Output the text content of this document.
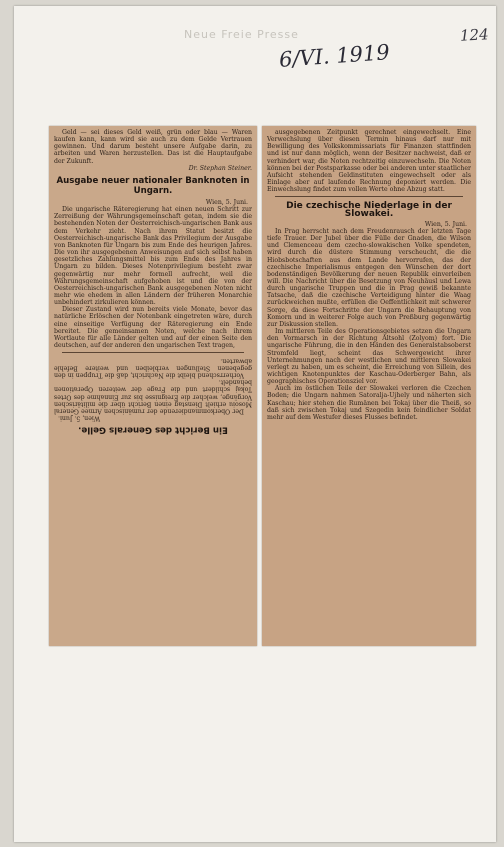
Neue Freie Presse
6/VI. 1919
124

Geld — sei dieses Geld weiß, grün oder blau — Waren kaufen kann, kann wird sie auch zu dem Gelde Vertrauen gewinnen. Und darum besteht unsere Aufgabe darin, zu arbeiten und Waren herzustellen. Das ist die Hauptaufgabe der Zukunft.

Dr. Stephan Steiner.
Ausgabe neuer nationaler Banknoten in Ungarn.
Wien, 5. Juni.

Die ungarische Räteregierung hat einen neuen Schritt zur Zerreißung der Währungsgemeinschaft getan, indem sie die bestehenden Noten der Oesterreichisch-ungarischen Bank aus dem Verkehr zieht. Nach ihrem Statut besitzt die Oesterreichisch-ungarische Bank das Privilegium der Ausgabe von Banknoten für Ungarn bis zum Ende des heurigen Jahres. Die von ihr ausgegebenen Anweisungen auf sich selbst haben gesetzliches Zahlungsmittel bis zum Ende des Jahres in Ungarn zu bilden. Dieses Notenprivilegium besteht zwar gegenwärtig nur mehr formell aufrecht, weil die Währungsgemeinschaft aufgehoben ist und die von der Oesterreichisch-ungarischen Bank ausgegebenen Noten nicht mehr wie ehedem in allen Ländern der früheren Monarchie unbehindert zirkulieren können.

Dieser Zustand wird nun bereits viele Monate, bevor das natürliche Erlöschen der Notenbank eingetreten wäre, durch eine einseitige Verfügung der Räteregierung ein Ende bereitet. Die gemeinsamen Noten, welche nach ihrem Wortlaute für alle Länder gelten und auf der einen Seite den deutschen, auf der anderen den ungarischen Text tragen,

Ein Bericht des Generals Gelle.
Wien, 5. Juni.

Der Oberkommandierende der rumänischen Armee General Mosoiu erhielt Dienstag einen Bericht über die militärischen Vorgänge, welcher die Ereignisse bis zur Einnahme des Ortes Tokaj schildert und die Frage der weiteren Operationen behandelt.

Vorherrschend bleibt die Nachricht, daß die Truppen in den gegebenen Stellungen verbleiben und weitere Befehle abwarten.

ausgegebenen Zeitpunkt gerechnet eingewechselt. Eine Verwechslung über diesen Termin hinaus darf nur mit Bewilligung des Volkskommissariats für Finanzen stattfinden und ist nur dann möglich, wenn der Besitzer nachweist, daß er verhindert war, die Noten rechtzeitig einzuwechseln. Die Noten können bei der Postsparkasse oder bei anderen unter staatlicher Aufsicht stehenden Geldinstituten eingewechselt oder als Einlage aber auf laufende Rechnung deponiert werden. Die Einwechslung findet zum vollen Werte ohne Abzug statt.

Die czechische Niederlage in der Slowakei.
Wien, 5. Juni.

In Prag herrscht nach dem Freudenrausch der letzten Tage tiefe Trauer. Der Jubel über die Fülle der Gnaden, die Wilson und Clemenceau dem czecho-slowakischen Volke spendeten, wird durch die düstere Stimmung verscheucht, die die Hiobsbotschaften aus dem Lande hervorrufen, das der czechische Imperialismus entgegen den Wünschen der dort bodenständigen Bevölkerung der neuen Republik einverleiben will. Die Nachricht über die Besetzung von Neuhäusl und Lewa durch ungarische Truppen und die in Prag gewiß bekannte Tatsache, daß die czechische Verteidigung hinter die Waag zurückweichen mußte, erfüllen die Oeffentlichkeit mit schwerer Sorge, da diese Fortschritte der Ungarn die Behauptung von Komorn und in weiterer Folge auch von Preßburg gegenwärtig zur Diskussion stellen.

Im mittleren Teile des Operationsgebietes setzen die Ungarn den Vormarsch in der Richtung Altsohl (Zolyom) fort. Die ungarische Führung, die in den Händen des Generalstabsoberst Stromfeld liegt, scheint das Schwergewicht ihrer Unternehmungen nach der westlichen und mittleren Slowakei verlegt zu haben, um es scheint, die Erreichung von Sillein, des wichtigen Knotenpunktes der Kaschau-Oderberger Bahn, als geographisches Operationsziel vor.

Auch im östlichen Teile der Slowakei verloren die Czechen Boden; die Ungarn nahmen Satoralja-Ujhely und näherten sich Kaschau; hier stehen die Rumänen bei Tokaj über die Theiß, so daß sich zwischen Tokaj und Szegedin kein feindlicher Soldat mehr auf dem Westufer dieses Flusses befindet.
